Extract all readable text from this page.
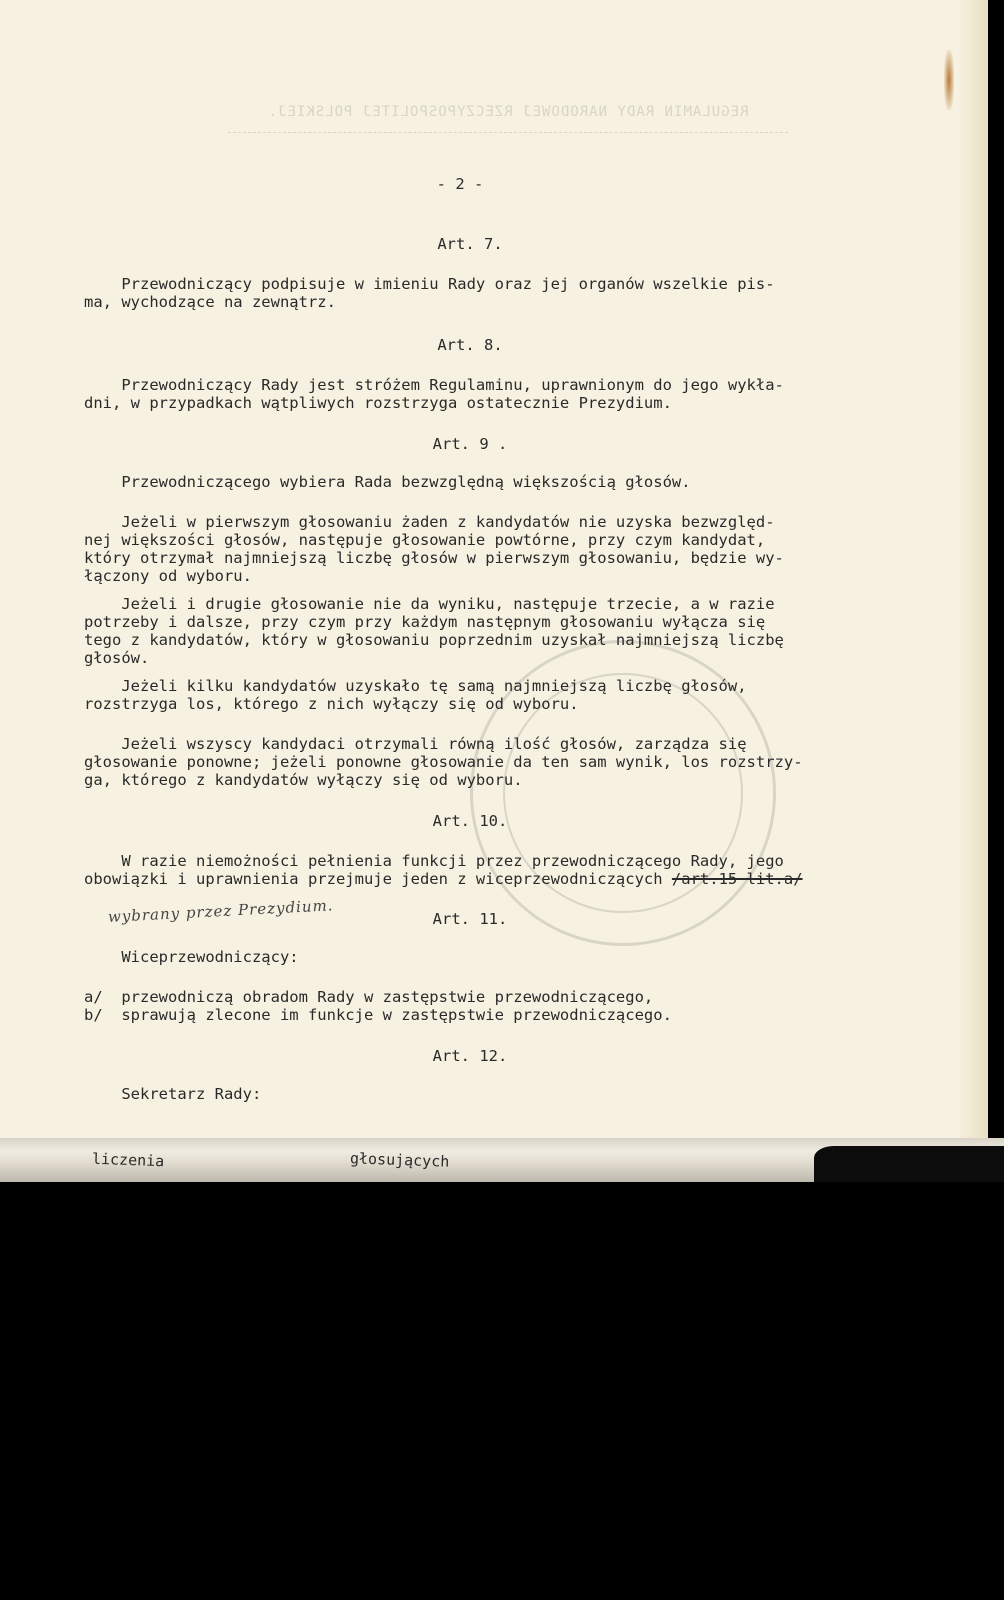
REGULAMIN RADY NARODOWEJ RZECZYPOSPOLITEJ POLSKIEJ.
- 2 -
Art. 7.
Przewodniczący podpisuje w imieniu Rady oraz jej organów wszelkie pis-
ma, wychodzące na zewnątrz.
Art. 8.
Przewodniczący Rady jest stróżem Regulaminu, uprawnionym do jego wykła-
dni, w przypadkach wątpliwych rozstrzyga ostatecznie Prezydium.
Art. 9 .
Przewodniczącego wybiera Rada bezwzględną większością głosów.
Jeżeli w pierwszym głosowaniu żaden z kandydatów nie uzyska bezwzględ-
nej większości głosów, następuje głosowanie powtórne, przy czym kandydat,
który otrzymał najmniejszą liczbę głosów w pierwszym głosowaniu, będzie wy-
łączony od wyboru.
Jeżeli i drugie głosowanie nie da wyniku, następuje trzecie, a w razie
potrzeby i dalsze, przy czym przy każdym następnym głosowaniu wyłącza się
tego z kandydatów, który w głosowaniu poprzednim uzyskał najmniejszą liczbę
głosów.
Jeżeli kilku kandydatów uzyskało tę samą najmniejszą liczbę głosów,
rozstrzyga los, którego z nich wyłączy się od wyboru.
Jeżeli wszyscy kandydaci otrzymali równą ilość głosów, zarządza się
głosowanie ponowne; jeżeli ponowne głosowanie da ten sam wynik, los rozstrzy-
ga, którego z kandydatów wyłączy się od wyboru.
Art. 10.
W razie niemożności pełnienia funkcji przez przewodniczącego Rady, jego
obowiązki i uprawnienia przejmuje jeden z wiceprzewodniczących /art.15 lit.a/
wybrany przez Prezydium.	Art. 11.
Wiceprzewodniczący:
a/  przewodniczą obradom Rady w zastępstwie przewodniczącego,
b/  sprawują zlecone im funkcje w zastępstwie przewodniczącego.
Art. 12.
Sekretarz Rady:
liczenia	głosujących
